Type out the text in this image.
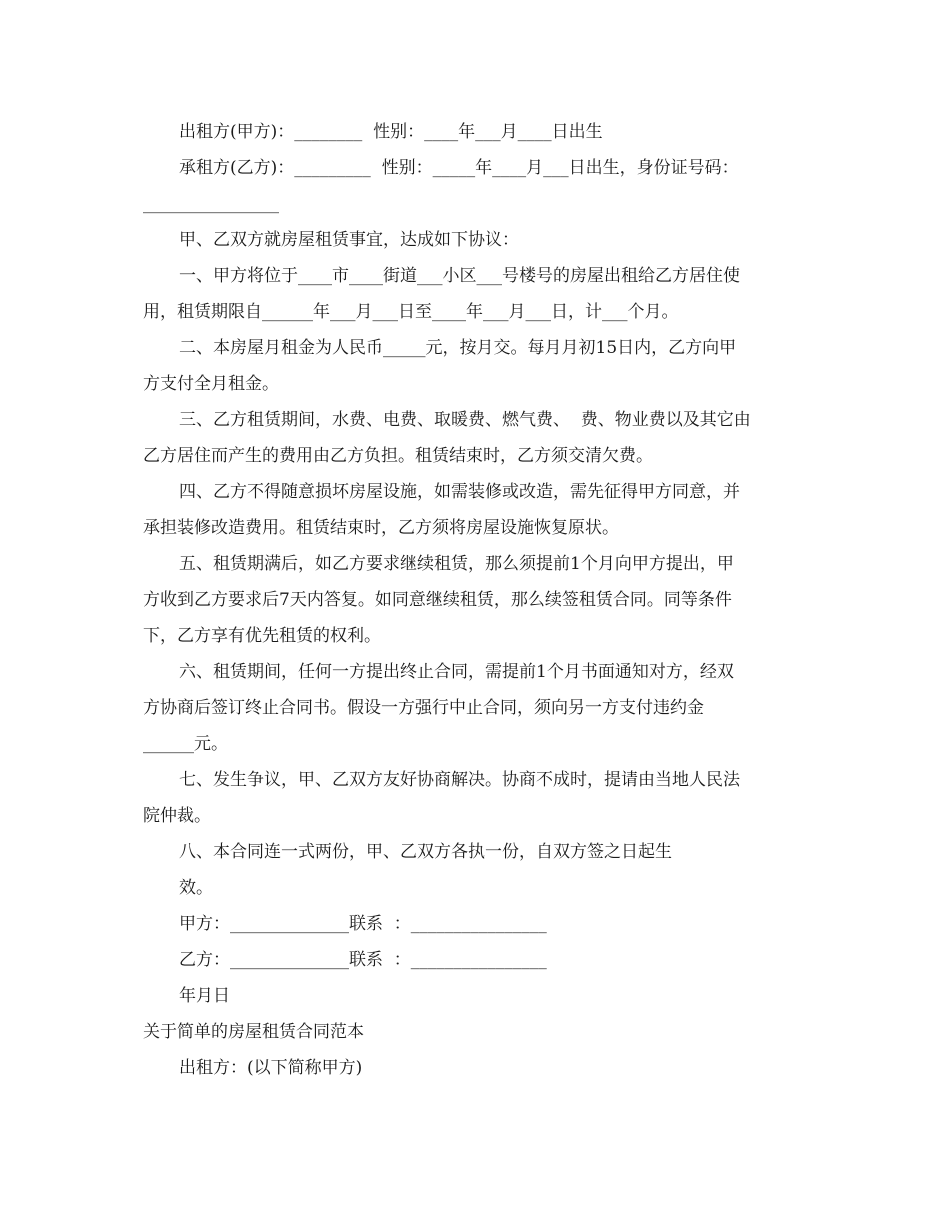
出租方(甲方)：________  性别：____年___月____日出生
承租方(乙方)：_________  性别：_____年____月___日出生，身份证号码：
________________
甲、乙双方就房屋租赁事宜，达成如下协议：
一、甲方将位于____市____街道___小区___号楼号的房屋出租给乙方居住使
用，租赁期限自______年___月___日至____年___月___日，计___个月。
二、本房屋月租金为人民币_____元，按月交。每月月初15日内，乙方向甲
方支付全月租金。
三、乙方租赁期间，水费、电费、取暖费、燃气费、  费、物业费以及其它由
乙方居住而产生的费用由乙方负担。租赁结束时，乙方须交清欠费。
四、乙方不得随意损坏房屋设施，如需装修或改造，需先征得甲方同意，并
承担装修改造费用。租赁结束时，乙方须将房屋设施恢复原状。
五、租赁期满后，如乙方要求继续租赁，那么须提前1个月向甲方提出，甲
方收到乙方要求后7天内答复。如同意继续租赁，那么续签租赁合同。同等条件
下，乙方享有优先租赁的权利。
六、租赁期间，任何一方提出终止合同，需提前1个月书面通知对方，经双
方协商后签订终止合同书。假设一方强行中止合同，须向另一方支付违约金
______元。
七、发生争议，甲、乙双方友好协商解决。协商不成时，提请由当地人民法
院仲裁。
八、本合同连一式两份，甲、乙双方各执一份，自双方签之日起生
效。
甲方：______________联系  ：________________
乙方：______________联系  ：________________
年月日
关于简单的房屋租赁合同范本
出租方：(以下简称甲方)
